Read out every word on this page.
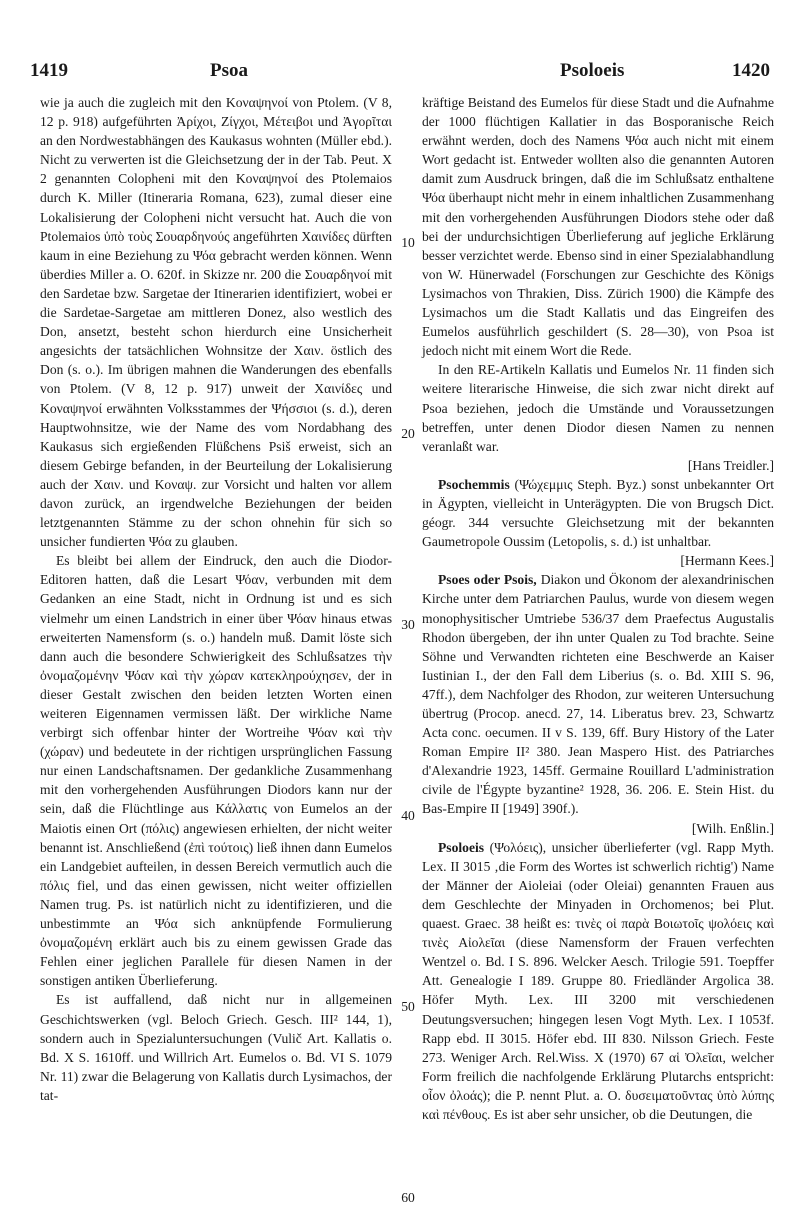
1419	Psoa	Psoloeis	1420

wie ja auch die zugleich mit den Κοναψηνοί von Ptolem. (V 8, 12 p. 918) aufgeführten Ἀρίχοι, Ζίγχοι, Μέτειβοι und Ἀγορῖται an den Nordwestabhängen des Kaukasus wohnten (Müller ebd.). Nicht zu verwerten ist die Gleichsetzung der in der Tab. Peut. X 2 genannten Colopheni mit den Κοναψηνοί des Ptolemaios durch K. Miller (Itineraria Romana, 623), zumal dieser eine Lokalisierung der Colopheni nicht versucht hat. Auch die von Ptolemaios ὑπὸ τοὺς Σουαρδηνούς angeführten Χαινίδες dürften kaum in eine Beziehung zu Ψόα gebracht werden können. Wenn überdies Miller a. O. 620f. in Skizze nr. 200 die Σουαρδηνοί mit den Sardetae bzw. Sargetae der Itinerarien identifiziert, wobei er die Sardetae-Sargetae am mittleren Donez, also westlich des Don, ansetzt, besteht schon hierdurch eine Unsicherheit angesichts der tatsächlichen Wohnsitze der Χαιν. östlich des Don (s. o.). Im übrigen mahnen die Wanderungen des ebenfalls von Ptolem. (V 8, 12 p. 917) unweit der Χαινίδες und Κοναψηνοί erwähnten Volksstammes der Ψήσσιοι (s. d.), deren Hauptwohnsitze, wie der Name des vom Nordabhang des Kaukasus sich ergießenden Flüßchens Psiš erweist, sich an diesem Gebirge befanden, in der Beurteilung der Lokalisierung auch der Χαιν. und Κοναψ. zur Vorsicht und halten vor allem davon zurück, an irgendwelche Beziehungen der beiden letztgenannten Stämme zu der schon ohnehin für sich so unsicher fundierten Ψόα zu glauben.

Es bleibt bei allem der Eindruck, den auch die Diodor-Editoren hatten, daß die Lesart Ψόαν, verbunden mit dem Gedanken an eine Stadt, nicht in Ordnung ist und es sich vielmehr um einen Landstrich in einer über Ψόαν hinaus etwas erweiterten Namensform (s. o.) handeln muß. Damit löste sich dann auch die besondere Schwierigkeit des Schlußsatzes τὴν ὀνομαζομένην Ψόαν καὶ τὴν χώραν κατεκληρούχησεν, der in dieser Gestalt zwischen den beiden letzten Worten einen weiteren Eigennamen vermissen läßt. Der wirkliche Name verbirgt sich offenbar hinter der Wortreihe Ψόαν καὶ τὴν (χώραν) und bedeutete in der richtigen ursprünglichen Fassung nur einen Landschaftsnamen. Der gedankliche Zusammenhang mit den vorhergehenden Ausführungen Diodors kann nur der sein, daß die Flüchtlinge aus Κάλλατις von Eumelos an der Maiotis einen Ort (πόλις) angewiesen erhielten, der nicht weiter benannt ist. Anschließend (ἐπὶ τούτοις) ließ ihnen dann Eumelos ein Landgebiet aufteilen, in dessen Bereich vermutlich auch die πόλις fiel, und das einen gewissen, nicht weiter offiziellen Namen trug. Ps. ist natürlich nicht zu identifizieren, und die unbestimmte an Ψόα sich anknüpfende Formulierung ὀνομαζομένη erklärt auch bis zu einem gewissen Grade das Fehlen einer jeglichen Parallele für diesen Namen in der sonstigen antiken Überlieferung.

Es ist auffallend, daß nicht nur in allgemeinen Geschichtswerken (vgl. Beloch Griech. Gesch. III² 144, 1), sondern auch in Spezialuntersuchungen (Vulič Art. Kallatis o. Bd. X S. 1610ff. und Willrich Art. Eumelos o. Bd. VI S. 1079 Nr. 11) zwar die Belagerung von Kallatis durch Lysimachos, der tat-

10
20
30
40
50
60

kräftige Beistand des Eumelos für diese Stadt und die Aufnahme der 1000 flüchtigen Kallatier in das Bosporanische Reich erwähnt werden, doch des Namens Ψόα auch nicht mit einem Wort gedacht ist. Entweder wollten also die genannten Autoren damit zum Ausdruck bringen, daß die im Schlußsatz enthaltene Ψόα überhaupt nicht mehr in einem inhaltlichen Zusammenhang mit den vorhergehenden Ausführungen Diodors stehe oder daß bei der undurchsichtigen Überlieferung auf jegliche Erklärung besser verzichtet werde. Ebenso sind in einer Spezialabhandlung von W. Hünerwadel (Forschungen zur Geschichte des Königs Lysimachos von Thrakien, Diss. Zürich 1900) die Kämpfe des Lysimachos um die Stadt Kallatis und das Eingreifen des Eumelos ausführlich geschildert (S. 28—30), von Psoa ist jedoch nicht mit einem Wort die Rede.

In den RE-Artikeln Kallatis und Eumelos Nr. 11 finden sich weitere literarische Hinweise, die sich zwar nicht direkt auf Psoa beziehen, jedoch die Umstände und Voraussetzungen betreffen, unter denen Diodor diesen Namen zu nennen veranlaßt war.

[Hans Treidler.]

Psochemmis (Ψώχεμμις Steph. Byz.) sonst unbekannter Ort in Ägypten, vielleicht in Unterägypten. Die von Brugsch Dict. géogr. 344 versuchte Gleichsetzung mit der bekannten Gaumetropole Oussim (Letopolis, s. d.) ist unhaltbar.

[Hermann Kees.]

Psoes oder Psois, Diakon und Ökonom der alexandrinischen Kirche unter dem Patriarchen Paulus, wurde von diesem wegen monophysitischer Umtriebe 536/37 dem Praefectus Augustalis Rhodon übergeben, der ihn unter Qualen zu Tod brachte. Seine Söhne und Verwandten richteten eine Beschwerde an Kaiser Iustinian I., der den Fall dem Liberius (s. o. Bd. XIII S. 96, 47ff.), dem Nachfolger des Rhodon, zur weiteren Untersuchung übertrug (Procop. anecd. 27, 14. Liberatus brev. 23, Schwartz Acta conc. oecumen. II v S. 139, 6ff. Bury History of the Later Roman Empire II² 380. Jean Maspero Hist. des Patriarches d'Alexandrie 1923, 145ff. Germaine Rouillard L'administration civile de l'Égypte byzantine² 1928, 36. 206. E. Stein Hist. du Bas-Empire II [1949] 390f.).

[Wilh. Enßlin.]

Psoloeis (Ψολόεις), unsicher überlieferter (vgl. Rapp Myth. Lex. II 3015 ‚die Form des Wortes ist schwerlich richtig') Name der Männer der Aioleiai (oder Oleiai) genannten Frauen aus dem Geschlechte der Minyaden in Orchomenos; bei Plut. quaest. Graec. 38 heißt es: τινὲς οἱ παρὰ Βοιωτοῖς ψολόεις καὶ τινὲς Αἰολεῖαι (diese Namensform der Frauen verfechten Wentzel o. Bd. I S. 896. Welcker Aesch. Trilogie 591. Toepffer Att. Genealogie I 189. Gruppe 80. Friedländer Argolica 38. Höfer Myth. Lex. III 3200 mit verschiedenen Deutungsversuchen; hingegen lesen Vogt Myth. Lex. I 1053f. Rapp ebd. II 3015. Höfer ebd. III 830. Nilsson Griech. Feste 273. Weniger Arch. Rel.Wiss. X (1970) 67 αἱ Ὀλεῖαι, welcher Form freilich die nachfolgende Erklärung Plutarchs entspricht: οἷον ὀλοάς); die P. nennt Plut. a. O. δυσειματοῦντας ὑπὸ λύπης καὶ πένθους. Es ist aber sehr unsicher, ob die Deutungen, die
